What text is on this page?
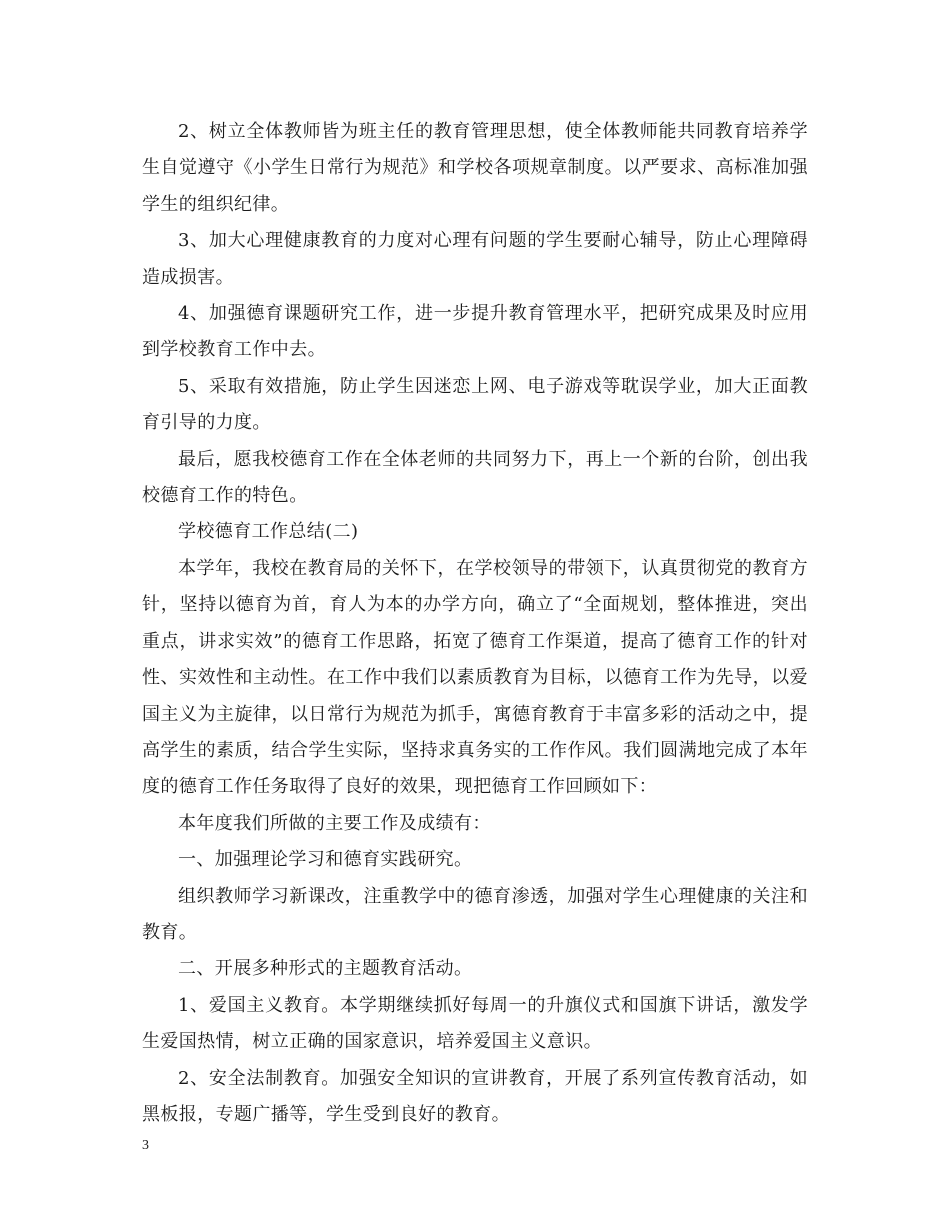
2、树立全体教师皆为班主任的教育管理思想，使全体教师能共同教育培养学生自觉遵守《小学生日常行为规范》和学校各项规章制度。以严要求、高标准加强学生的组织纪律。

3、加大心理健康教育的力度对心理有问题的学生要耐心辅导，防止心理障碍造成损害。

4、加强德育课题研究工作，进一步提升教育管理水平，把研究成果及时应用到学校教育工作中去。

5、采取有效措施，防止学生因迷恋上网、电子游戏等耽误学业，加大正面教育引导的力度。

最后，愿我校德育工作在全体老师的共同努力下，再上一个新的台阶，创出我校德育工作的特色。

学校德育工作总结(二)

本学年，我校在教育局的关怀下，在学校领导的带领下，认真贯彻党的教育方针，坚持以德育为首，育人为本的办学方向，确立了“全面规划，整体推进，突出重点，讲求实效”的德育工作思路，拓宽了德育工作渠道，提高了德育工作的针对性、实效性和主动性。在工作中我们以素质教育为目标，以德育工作为先导，以爱国主义为主旋律，以日常行为规范为抓手，寓德育教育于丰富多彩的活动之中，提高学生的素质，结合学生实际，坚持求真务实的工作作风。我们圆满地完成了本年度的德育工作任务取得了良好的效果，现把德育工作回顾如下：

本年度我们所做的主要工作及成绩有：

一、加强理论学习和德育实践研究。

组织教师学习新课改，注重教学中的德育渗透，加强对学生心理健康的关注和教育。

二、开展多种形式的主题教育活动。

1、爱国主义教育。本学期继续抓好每周一的升旗仪式和国旗下讲话，激发学生爱国热情，树立正确的国家意识，培养爱国主义意识。

2、安全法制教育。加强安全知识的宣讲教育，开展了系列宣传教育活动，如黑板报，专题广播等，学生受到良好的教育。

3
